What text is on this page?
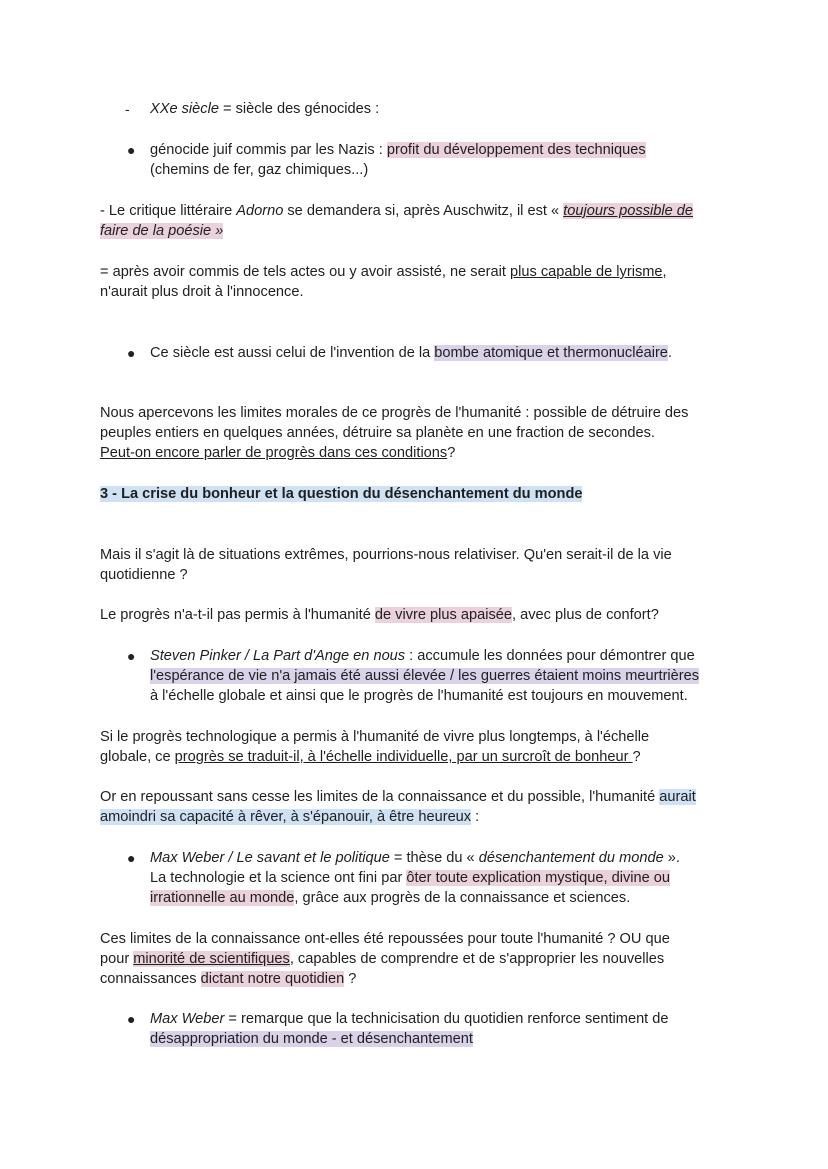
- XXe siècle = siècle des génocides :

● génocide juif commis par les Nazis : profit du développement des techniques
(chemins de fer, gaz chimiques...)

- Le critique littéraire Adorno se demandera si, après Auschwitz, il est « toujours possible de
faire de la poésie »

= après avoir commis de tels actes ou y avoir assisté, ne serait plus capable de lyrisme,
n'aurait plus droit à l'innocence.

● Ce siècle est aussi celui de l'invention de la bombe atomique et thermonucléaire.

Nous apercevons les limites morales de ce progrès de l'humanité : possible de détruire des
peuples entiers en quelques années, détruire sa planète en une fraction de secondes.
Peut-on encore parler de progrès dans ces conditions?

3 - La crise du bonheur et la question du désenchantement du monde

Mais il s'agit là de situations extrêmes, pourrions-nous relativiser. Qu'en serait-il de la vie
quotidienne ?

Le progrès n'a-t-il pas permis à l'humanité de vivre plus apaisée, avec plus de confort?

● Steven Pinker / La Part d'Ange en nous : accumule les données pour démontrer que
l'espérance de vie n'a jamais été aussi élevée / les guerres étaient moins meurtrières
à l'échelle globale et ainsi que le progrès de l'humanité est toujours en mouvement.

Si le progrès technologique a permis à l'humanité de vivre plus longtemps, à l'échelle
globale, ce progrès se traduit-il, à l'échelle individuelle, par un surcroît de bonheur ?

Or en repoussant sans cesse les limites de la connaissance et du possible, l'humanité aurait
amoindri sa capacité à rêver, à s'épanouir, à être heureux :

● Max Weber / Le savant et le politique = thèse du « désenchantement du monde ».
La technologie et la science ont fini par ôter toute explication mystique, divine ou
irrationnelle au monde, grâce aux progrès de la connaissance et sciences.

Ces limites de la connaissance ont-elles été repoussées pour toute l'humanité ? OU que
pour minorité de scientifiques, capables de comprendre et de s'approprier les nouvelles
connaissances dictant notre quotidien ?

● Max Weber = remarque que la technicisation du quotidien renforce sentiment de
désappropriation du monde - et désenchantement
